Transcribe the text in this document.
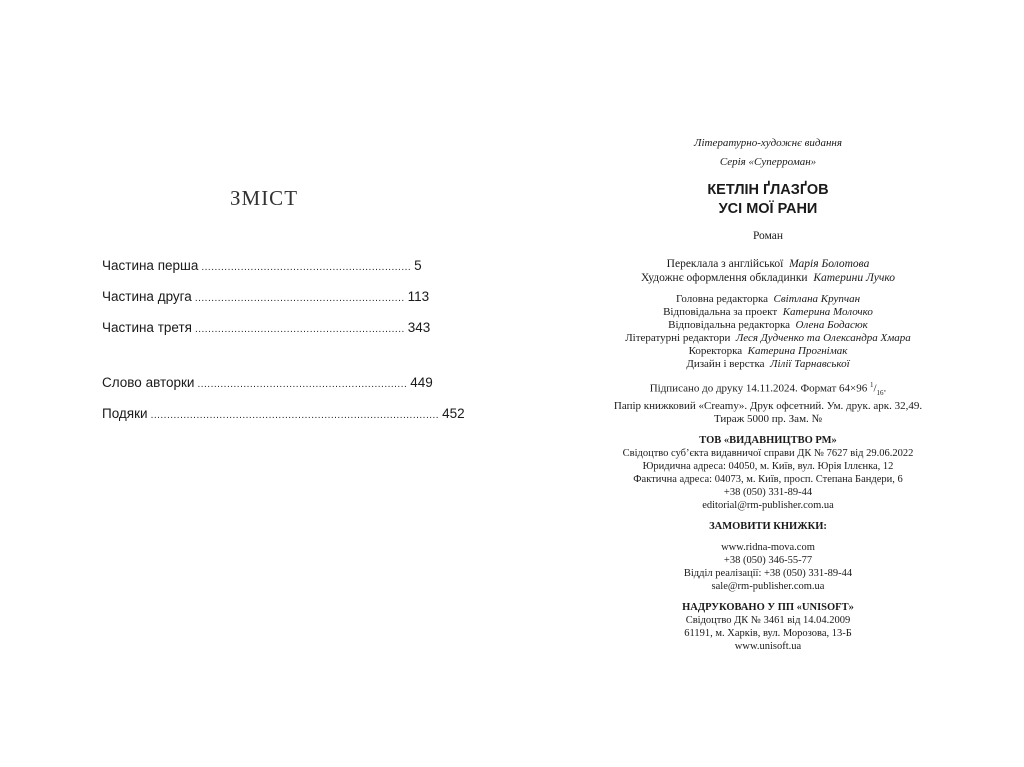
ЗМІСТ
Частина перша ................................................................ 5
Частина друга ................................................................ 113
Частина третя ................................................................ 343
Слово авторки ................................................................ 449
Подяки ........................................................................................ 452
Літературно-художнє видання
Серія «Суперроман»
КЕТЛІН ҐЛАЗҐОВ
УСІ МОЇ РАНИ
Роман
Переклала з англійської Марія Болотова
Художнє оформлення обкладинки Катерини Лучко
Головна редакторка Світлана Крупчан
Відповідальна за проект Катерина Молочко
Відповідальна редакторка Олена Бодасюк
Літературні редактори Леся Дудченко та Олександра Хмара
Коректорка Катерина Прогнімак
Дизайн і верстка Лілії Тарнавської
Підписано до друку 14.11.2024. Формат 64×96 $^1/_{16}$.
Папір книжковий «Creamy». Друк офсетний. Ум. друк. арк. 32,49.
Тираж 5000 пр. Зам. №
ТОВ «ВИДАВНИЦТВО РМ»
Свідоцтво суб’єкта видавничої справи ДК № 7627 від 29.06.2022
Юридична адреса: 04050, м. Київ, вул. Юрія Іллєнка, 12
Фактична адреса: 04073, м. Київ, просп. Степана Бандери, 6
+38 (050) 331-89-44
editorial@rm-publisher.com.ua
ЗАМОВИТИ КНИЖКИ:
www.ridna-mova.com
+38 (050) 346-55-77
Відділ реалізації: +38 (050) 331-89-44
sale@rm-publisher.com.ua
НАДРУКОВАНО У ПП «UNISOFT»
Свідоцтво ДК № 3461 від 14.04.2009
61191, м. Харків, вул. Морозова, 13-Б
www.unisoft.ua
